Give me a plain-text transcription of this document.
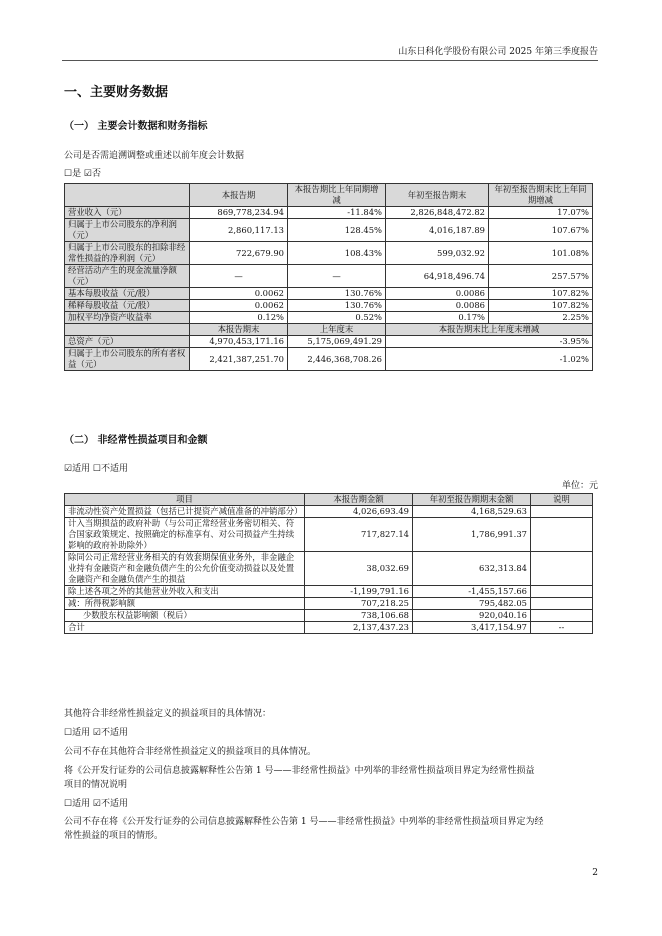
山东日科化学股份有限公司 2025 年第三季度报告
一、主要财务数据
（一） 主要会计数据和财务指标
公司是否需追溯调整或重述以前年度会计数据
☐是 ☑否
	本报告期	本报告期比上年同期增减	年初至报告期末	年初至报告期末比上年同期增减
营业收入（元）	869,778,234.94	-11.84%	2,826,848,472.82	17.07%
归属于上市公司股东的净利润（元）	2,860,117.13	128.45%	4,016,187.89	107.67%
归属于上市公司股东的扣除非经常性损益的净利润（元）	722,679.90	108.43%	599,032.92	101.08%
经营活动产生的现金流量净额（元）	—	—	64,918,496.74	257.57%
基本每股收益（元/股）	0.0062	130.76%	0.0086	107.82%
稀释每股收益（元/股）	0.0062	130.76%	0.0086	107.82%
加权平均净资产收益率	0.12%	0.52%	0.17%	2.25%
	本报告期末	上年度末	本报告期末比上年度末增减	
总资产（元）	4,970,453,171.16	5,175,069,491.29	-3.95%	
归属于上市公司股东的所有者权益（元）	2,421,387,251.70	2,446,368,708.26	-1.02%	
（二） 非经常性损益项目和金额
☑适用 ☐不适用
单位：元
项目	本报告期金额	年初至报告期期末金额	说明
非流动性资产处置损益（包括已计提资产减值准备的冲销部分）	4,026,693.49	4,168,529.63	
计入当期损益的政府补助（与公司正常经营业务密切相关、符合国家政策规定、按照确定的标准享有、对公司损益产生持续影响的政府补助除外）	717,827.14	1,786,991.37	
除同公司正常经营业务相关的有效套期保值业务外，非金融企业持有金融资产和金融负债产生的公允价值变动损益以及处置金融资产和金融负债产生的损益	38,032.69	632,313.84	
除上述各项之外的其他营业外收入和支出	-1,199,791.16	-1,455,157.66	
减：所得税影响额	707,218.25	795,482.05	
少数股东权益影响额（税后）	738,106.68	920,040.16	
合计	2,137,437.23	3,417,154.97	--
其他符合非经常性损益定义的损益项目的具体情况：
☐适用 ☑不适用
公司不存在其他符合非经常性损益定义的损益项目的具体情况。
将《公开发行证券的公司信息披露解释性公告第 1 号——非经常性损益》中列举的非经常性损益项目界定为经常性损益
项目的情况说明
☐适用 ☑不适用
公司不存在将《公开发行证券的公司信息披露解释性公告第 1 号——非经常性损益》中列举的非经常性损益项目界定为经
常性损益的项目的情形。
2
